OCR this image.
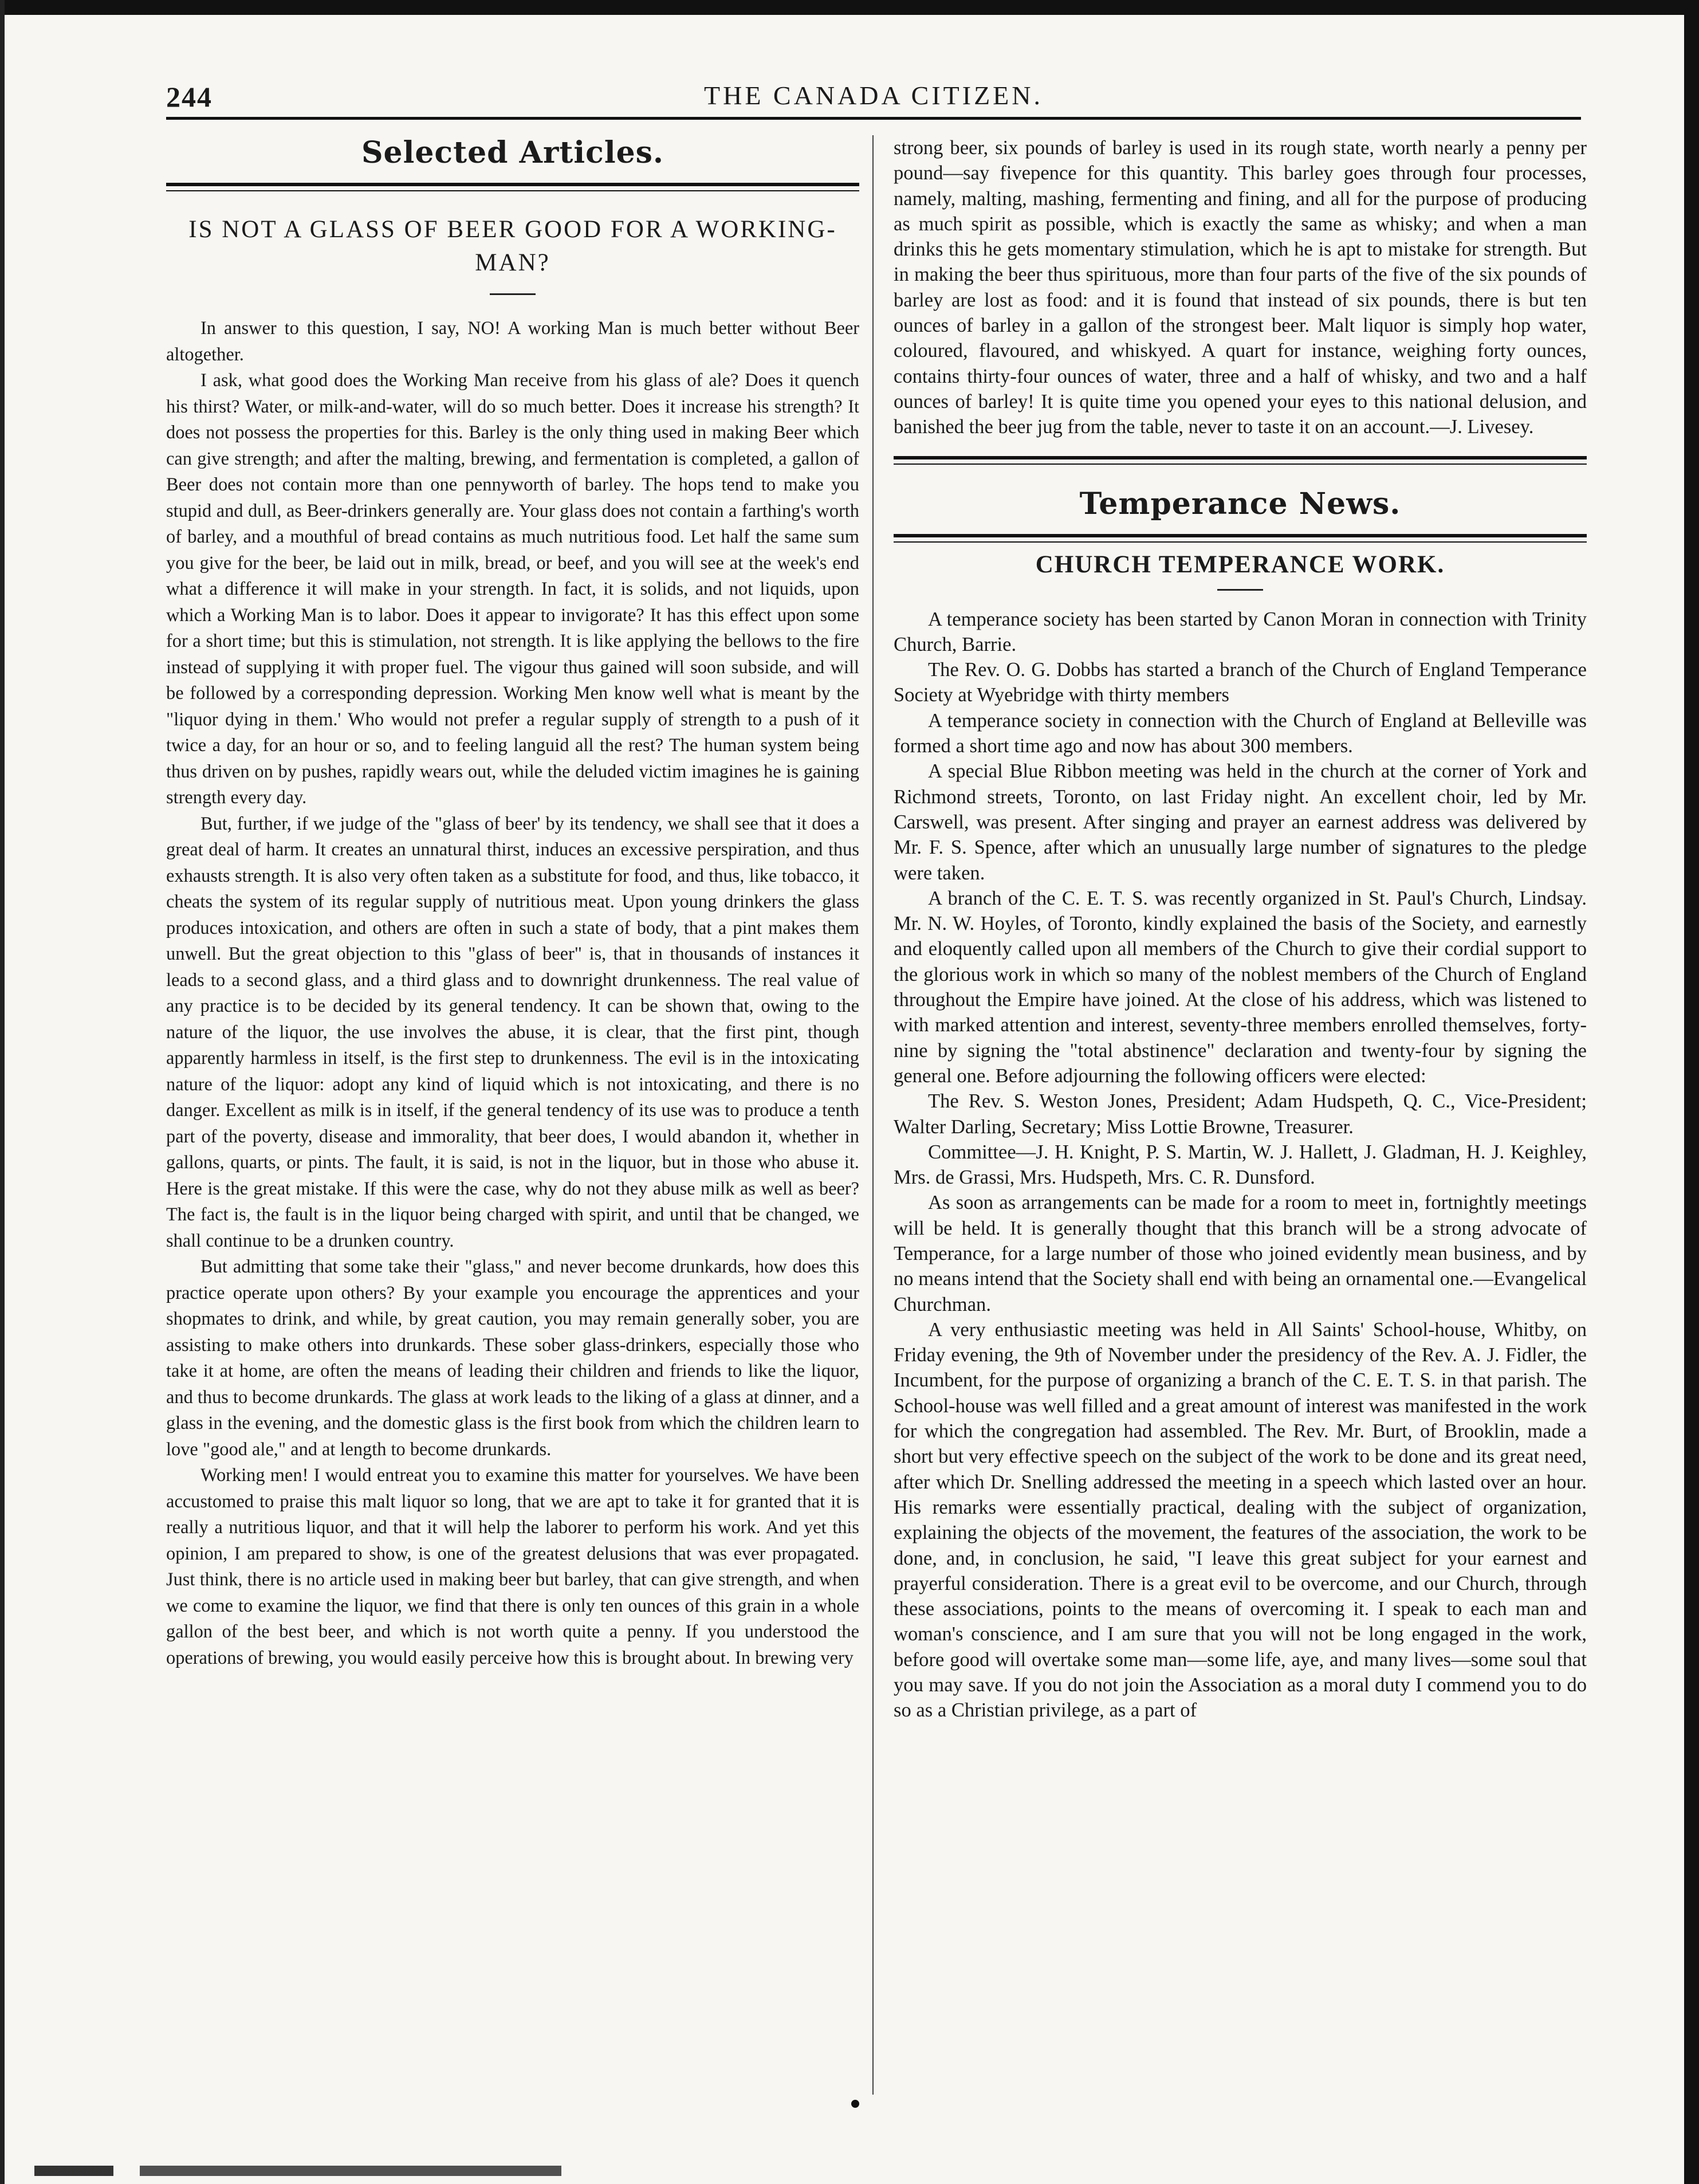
244	THE CANADA CITIZEN.
Selected Articles.
IS NOT A GLASS OF BEER GOOD FOR A WORKING-MAN?

In answer to this question, I say, NO! A working Man is much better without Beer altogether.

I ask, what good does the Working Man receive from his glass of ale? Does it quench his thirst? Water, or milk-and-water, will do so much better. Does it increase his strength? It does not possess the properties for this. Barley is the only thing used in making Beer which can give strength; and after the malting, brewing, and fermentation is completed, a gallon of Beer does not contain more than one pennyworth of barley. The hops tend to make you stupid and dull, as Beer-drinkers generally are. Your glass does not contain a farthing's worth of barley, and a mouthful of bread contains as much nutritious food. Let half the same sum you give for the beer, be laid out in milk, bread, or beef, and you will see at the week's end what a difference it will make in your strength. In fact, it is solids, and not liquids, upon which a Working Man is to labor. Does it appear to invigorate? It has this effect upon some for a short time; but this is stimulation, not strength. It is like applying the bellows to the fire instead of supplying it with proper fuel. The vigour thus gained will soon subside, and will be followed by a corresponding depression. Working Men know well what is meant by the "liquor dying in them.' Who would not prefer a regular supply of strength to a push of it twice a day, for an hour or so, and to feeling languid all the rest? The human system being thus driven on by pushes, rapidly wears out, while the deluded victim imagines he is gaining strength every day.

But, further, if we judge of the "glass of beer' by its tendency, we shall see that it does a great deal of harm. It creates an unnatural thirst, induces an excessive perspiration, and thus exhausts strength. It is also very often taken as a substitute for food, and thus, like tobacco, it cheats the system of its regular supply of nutritious meat. Upon young drinkers the glass produces intoxication, and others are often in such a state of body, that a pint makes them unwell. But the great objection to this "glass of beer" is, that in thousands of instances it leads to a second glass, and a third glass and to downright drunkenness. The real value of any practice is to be decided by its general tendency. It can be shown that, owing to the nature of the liquor, the use involves the abuse, it is clear, that the first pint, though apparently harmless in itself, is the first step to drunkenness. The evil is in the intoxicating nature of the liquor: adopt any kind of liquid which is not intoxicating, and there is no danger. Excellent as milk is in itself, if the general tendency of its use was to produce a tenth part of the poverty, disease and immorality, that beer does, I would abandon it, whether in gallons, quarts, or pints. The fault, it is said, is not in the liquor, but in those who abuse it. Here is the great mistake. If this were the case, why do not they abuse milk as well as beer? The fact is, the fault is in the liquor being charged with spirit, and until that be changed, we shall continue to be a drunken country.

But admitting that some take their "glass," and never become drunkards, how does this practice operate upon others? By your example you encourage the apprentices and your shopmates to drink, and while, by great caution, you may remain generally sober, you are assisting to make others into drunkards. These sober glass-drinkers, especially those who take it at home, are often the means of leading their children and friends to like the liquor, and thus to become drunkards. The glass at work leads to the liking of a glass at dinner, and a glass in the evening, and the domestic glass is the first book from which the children learn to love "good ale," and at length to become drunkards.

Working men! I would entreat you to examine this matter for yourselves. We have been accustomed to praise this malt liquor so long, that we are apt to take it for granted that it is really a nutritious liquor, and that it will help the laborer to perform his work. And yet this opinion, I am prepared to show, is one of the greatest delusions that was ever propagated. Just think, there is no article used in making beer but barley, that can give strength, and when we come to examine the liquor, we find that there is only ten ounces of this grain in a whole gallon of the best beer, and which is not worth quite a penny. If you understood the operations of brewing, you would easily perceive how this is brought about. In brewing very

strong beer, six pounds of barley is used in its rough state, worth nearly a penny per pound—say fivepence for this quantity. This barley goes through four processes, namely, malting, mashing, fermenting and fining, and all for the purpose of producing as much spirit as possible, which is exactly the same as whisky; and when a man drinks this he gets momentary stimulation, which he is apt to mistake for strength. But in making the beer thus spirituous, more than four parts of the five of the six pounds of barley are lost as food: and it is found that instead of six pounds, there is but ten ounces of barley in a gallon of the strongest beer. Malt liquor is simply hop water, coloured, flavoured, and whiskyed. A quart for instance, weighing forty ounces, contains thirty-four ounces of water, three and a half of whisky, and two and a half ounces of barley! It is quite time you opened your eyes to this national delusion, and banished the beer jug from the table, never to taste it on an account.—J. Livesey.

Temperance News.
CHURCH TEMPERANCE WORK.

A temperance society has been started by Canon Moran in connection with Trinity Church, Barrie.

The Rev. O. G. Dobbs has started a branch of the Church of England Temperance Society at Wyebridge with thirty members

A temperance society in connection with the Church of England at Belleville was formed a short time ago and now has about 300 members.

A special Blue Ribbon meeting was held in the church at the corner of York and Richmond streets, Toronto, on last Friday night. An excellent choir, led by Mr. Carswell, was present. After singing and prayer an earnest address was delivered by Mr. F. S. Spence, after which an unusually large number of signatures to the pledge were taken.

A branch of the C. E. T. S. was recently organized in St. Paul's Church, Lindsay. Mr. N. W. Hoyles, of Toronto, kindly explained the basis of the Society, and earnestly and eloquently called upon all members of the Church to give their cordial support to the glorious work in which so many of the noblest members of the Church of England throughout the Empire have joined. At the close of his address, which was listened to with marked attention and interest, seventy-three members enrolled themselves, forty-nine by signing the "total abstinence" declaration and twenty-four by signing the general one. Before adjourning the following officers were elected:

The Rev. S. Weston Jones, President; Adam Hudspeth, Q. C., Vice-President; Walter Darling, Secretary; Miss Lottie Browne, Treasurer.

Committee—J. H. Knight, P. S. Martin, W. J. Hallett, J. Gladman, H. J. Keighley, Mrs. de Grassi, Mrs. Hudspeth, Mrs. C. R. Dunsford.

As soon as arrangements can be made for a room to meet in, fortnightly meetings will be held. It is generally thought that this branch will be a strong advocate of Temperance, for a large number of those who joined evidently mean business, and by no means intend that the Society shall end with being an ornamental one.—Evangelical Churchman.

A very enthusiastic meeting was held in All Saints' School-house, Whitby, on Friday evening, the 9th of November under the presidency of the Rev. A. J. Fidler, the Incumbent, for the purpose of organizing a branch of the C. E. T. S. in that parish. The School-house was well filled and a great amount of interest was manifested in the work for which the congregation had assembled. The Rev. Mr. Burt, of Brooklin, made a short but very effective speech on the subject of the work to be done and its great need, after which Dr. Snelling addressed the meeting in a speech which lasted over an hour. His remarks were essentially practical, dealing with the subject of organization, explaining the objects of the movement, the features of the association, the work to be done, and, in conclusion, he said, "I leave this great subject for your earnest and prayerful consideration. There is a great evil to be overcome, and our Church, through these associations, points to the means of overcoming it. I speak to each man and woman's conscience, and I am sure that you will not be long engaged in the work, before good will overtake some man—some life, aye, and many lives—some soul that you may save. If you do not join the Association as a moral duty I commend you to do so as a Christian privilege, as a part of
